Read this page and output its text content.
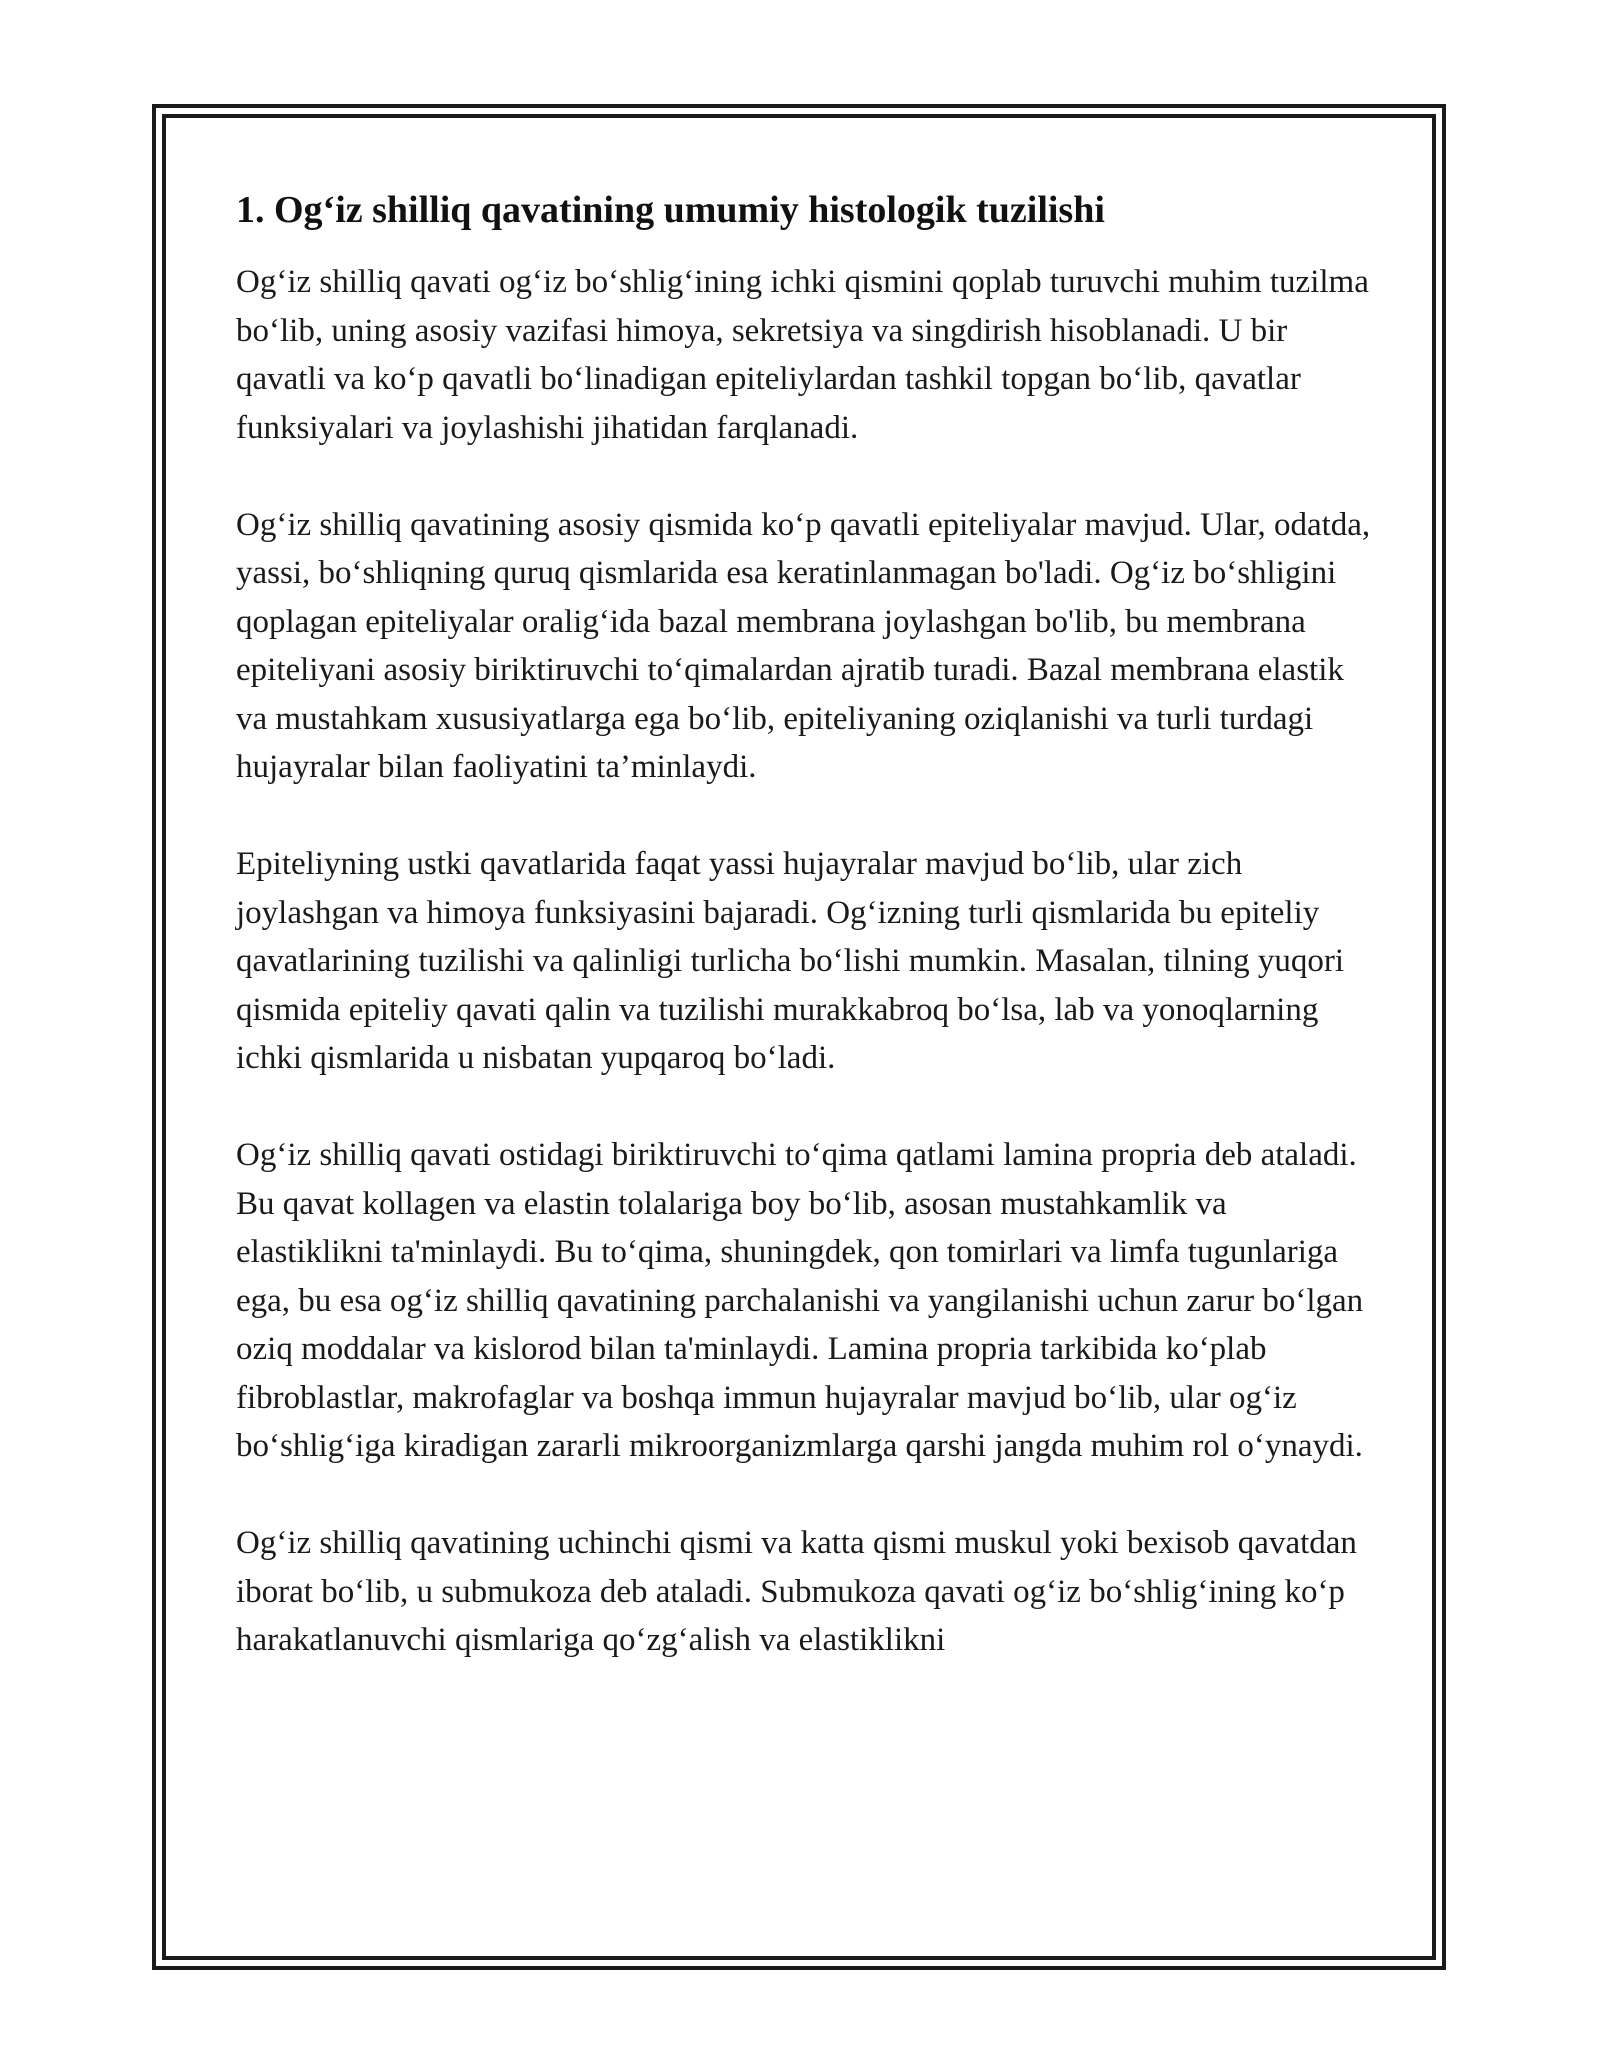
1. Og‘iz shilliq qavatining umumiy histologik tuzilishi

Og‘iz shilliq qavati og‘iz bo‘shlig‘ining ichki qismini qoplab turuvchi muhim tuzilma bo‘lib, uning asosiy vazifasi himoya, sekretsiya va singdirish hisoblanadi. U bir qavatli va ko‘p qavatli bo‘linadigan epiteliylardan tashkil topgan bo‘lib, qavatlar funksiyalari va joylashishi jihatidan farqlanadi.

Og‘iz shilliq qavatining asosiy qismida ko‘p qavatli epiteliyalar mavjud. Ular, odatda, yassi, bo‘shliqning quruq qismlarida esa keratinlanmagan bo'ladi. Og‘iz bo‘shligini qoplagan epiteliyalar oralig‘ida bazal membrana joylashgan bo'lib, bu membrana epiteliyani asosiy biriktiruvchi to‘qimalardan ajratib turadi. Bazal membrana elastik va mustahkam xususiyatlarga ega bo‘lib, epiteliyaning oziqlanishi va turli turdagi hujayralar bilan faoliyatini ta’minlaydi.

Epiteliyning ustki qavatlarida faqat yassi hujayralar mavjud bo‘lib, ular zich joylashgan va himoya funksiyasini bajaradi. Og‘izning turli qismlarida bu epiteliy qavatlarining tuzilishi va qalinligi turlicha bo‘lishi mumkin. Masalan, tilning yuqori qismida epiteliy qavati qalin va tuzilishi murakkabroq bo‘lsa, lab va yonoqlarning ichki qismlarida u nisbatan yupqaroq bo‘ladi.

Og‘iz shilliq qavati ostidagi biriktiruvchi to‘qima qatlami lamina propria deb ataladi. Bu qavat kollagen va elastin tolalariga boy bo‘lib, asosan mustahkamlik va elastiklikni ta'minlaydi. Bu to‘qima, shuningdek, qon tomirlari va limfa tugunlariga ega, bu esa og‘iz shilliq qavatining parchalanishi va yangilanishi uchun zarur bo‘lgan oziq moddalar va kislorod bilan ta'minlaydi. Lamina propria tarkibida ko‘plab fibroblastlar, makrofaglar va boshqa immun hujayralar mavjud bo‘lib, ular og‘iz bo‘shlig‘iga kiradigan zararli mikroorganizmlarga qarshi jangda muhim rol o‘ynaydi.

Og‘iz shilliq qavatining uchinchi qismi va katta qismi muskul yoki bexisob qavatdan iborat bo‘lib, u submukoza deb ataladi. Submukoza qavati og‘iz bo‘shlig‘ining ko‘p harakatlanuvchi qismlariga qo‘zg‘alish va elastiklikni
